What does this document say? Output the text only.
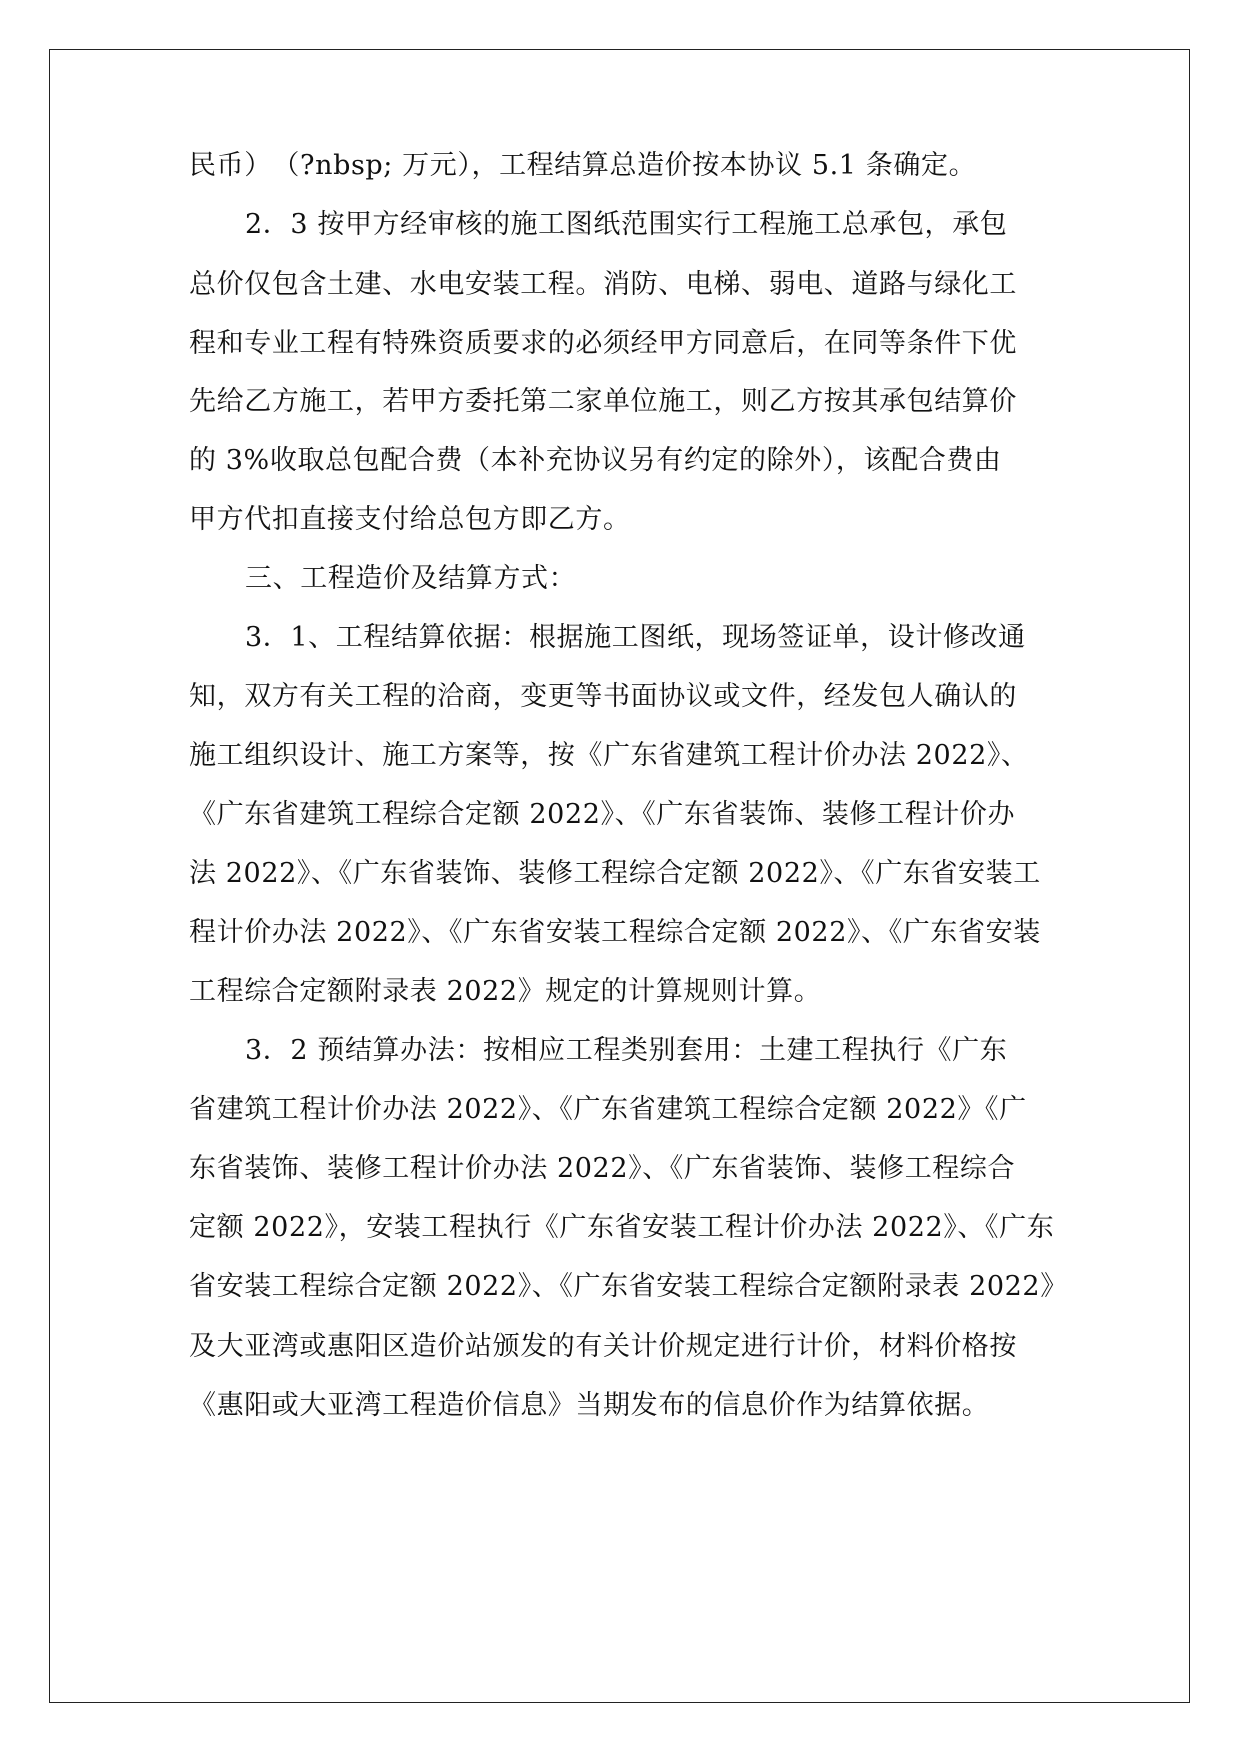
民币）　（?nbsp; 万元），工程结算总造价按本协议 5.1 条确定。
2．3 按甲方经审核的施工图纸范围实行工程施工总承包，承包
总价仅包含土建、水电安装工程。消防、电梯、弱电、道路与绿化工
程和专业工程有特殊资质要求的必须经甲方同意后，在同等条件下优
先给乙方施工，若甲方委托第二家单位施工，则乙方按其承包结算价
的 3%收取总包配合费（本补充协议另有约定的除外），该配合费由
甲方代扣直接支付给总包方即乙方。
三、工程造价及结算方式：
3．1、工程结算依据：根据施工图纸，现场签证单，设计修改通
知，双方有关工程的洽商，变更等书面协议或文件，经发包人确认的
施工组织设计、施工方案等，按《广东省建筑工程计价办法 2022》、
《广东省建筑工程综合定额 2022》、《广东省装饰、装修工程计价办
法 2022》、《广东省装饰、装修工程综合定额 2022》、《广东省安装工
程计价办法 2022》、《广东省安装工程综合定额 2022》、《广东省安装
工程综合定额附录表 2022》规定的计算规则计算。
3．2 预结算办法：按相应工程类别套用：土建工程执行《广东
省建筑工程计价办法 2022》、《广东省建筑工程综合定额 2022》《广
东省装饰、装修工程计价办法 2022》、《广东省装饰、装修工程综合
定额 2022》，安装工程执行《广东省安装工程计价办法 2022》、《广东
省安装工程综合定额 2022》、《广东省安装工程综合定额附录表 2022》
及大亚湾或惠阳区造价站颁发的有关计价规定进行计价，材料价格按
《惠阳或大亚湾工程造价信息》当期发布的信息价作为结算依据。
